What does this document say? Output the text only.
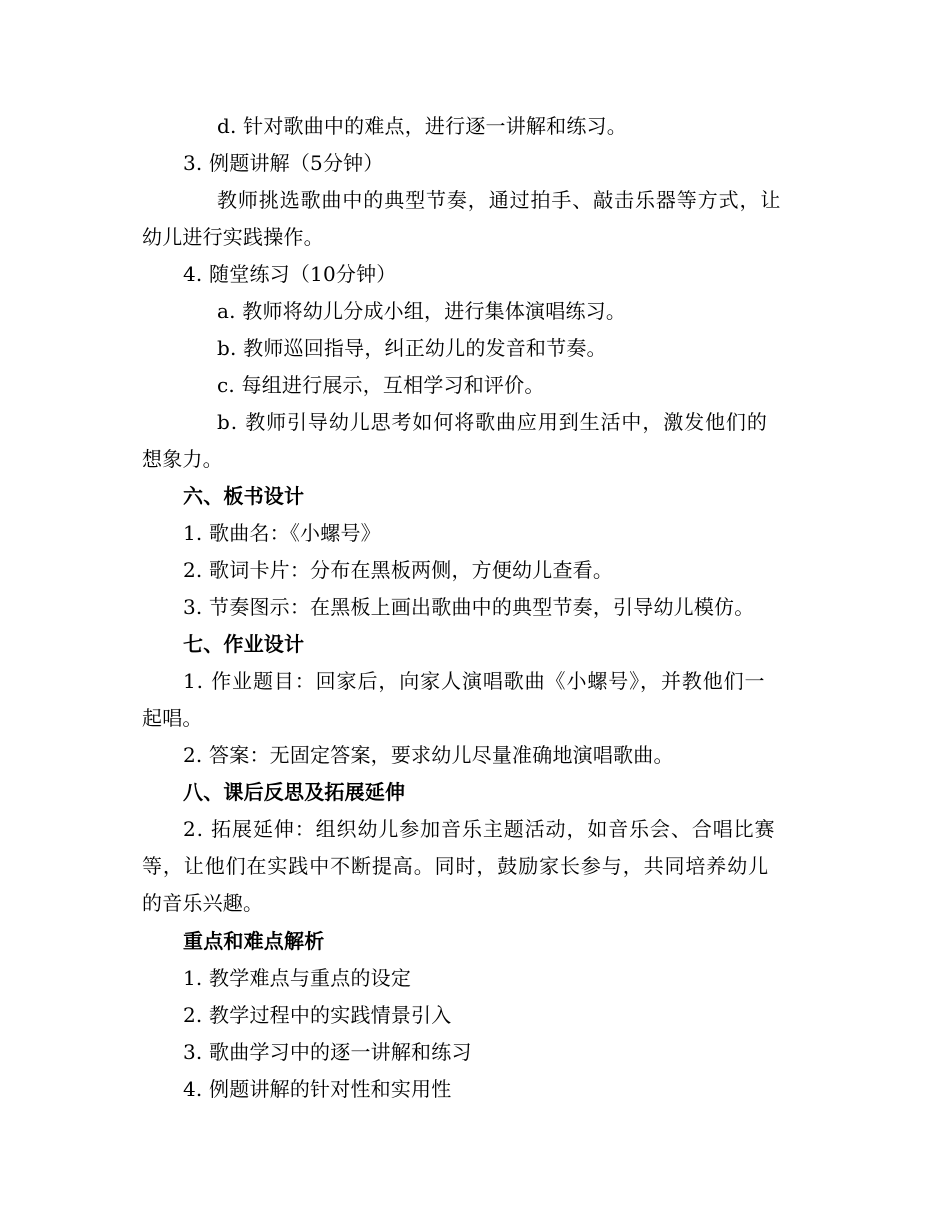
d. 针对歌曲中的难点，进行逐一讲解和练习。
3. 例题讲解（5分钟）
教师挑选歌曲中的典型节奏，通过拍手、敲击乐器等方式，让
幼儿进行实践操作。
4. 随堂练习（10分钟）
a. 教师将幼儿分成小组，进行集体演唱练习。
b. 教师巡回指导，纠正幼儿的发音和节奏。
c. 每组进行展示，互相学习和评价。
b. 教师引导幼儿思考如何将歌曲应用到生活中，激发他们的
想象力。
六、板书设计
1. 歌曲名：《小螺号》
2. 歌词卡片：分布在黑板两侧，方便幼儿查看。
3. 节奏图示：在黑板上画出歌曲中的典型节奏，引导幼儿模仿。
七、作业设计
1. 作业题目：回家后，向家人演唱歌曲《小螺号》，并教他们一
起唱。
2. 答案：无固定答案，要求幼儿尽量准确地演唱歌曲。
八、课后反思及拓展延伸
2. 拓展延伸：组织幼儿参加音乐主题活动，如音乐会、合唱比赛
等，让他们在实践中不断提高。同时，鼓励家长参与，共同培养幼儿
的音乐兴趣。
重点和难点解析
1. 教学难点与重点的设定
2. 教学过程中的实践情景引入
3. 歌曲学习中的逐一讲解和练习
4. 例题讲解的针对性和实用性
